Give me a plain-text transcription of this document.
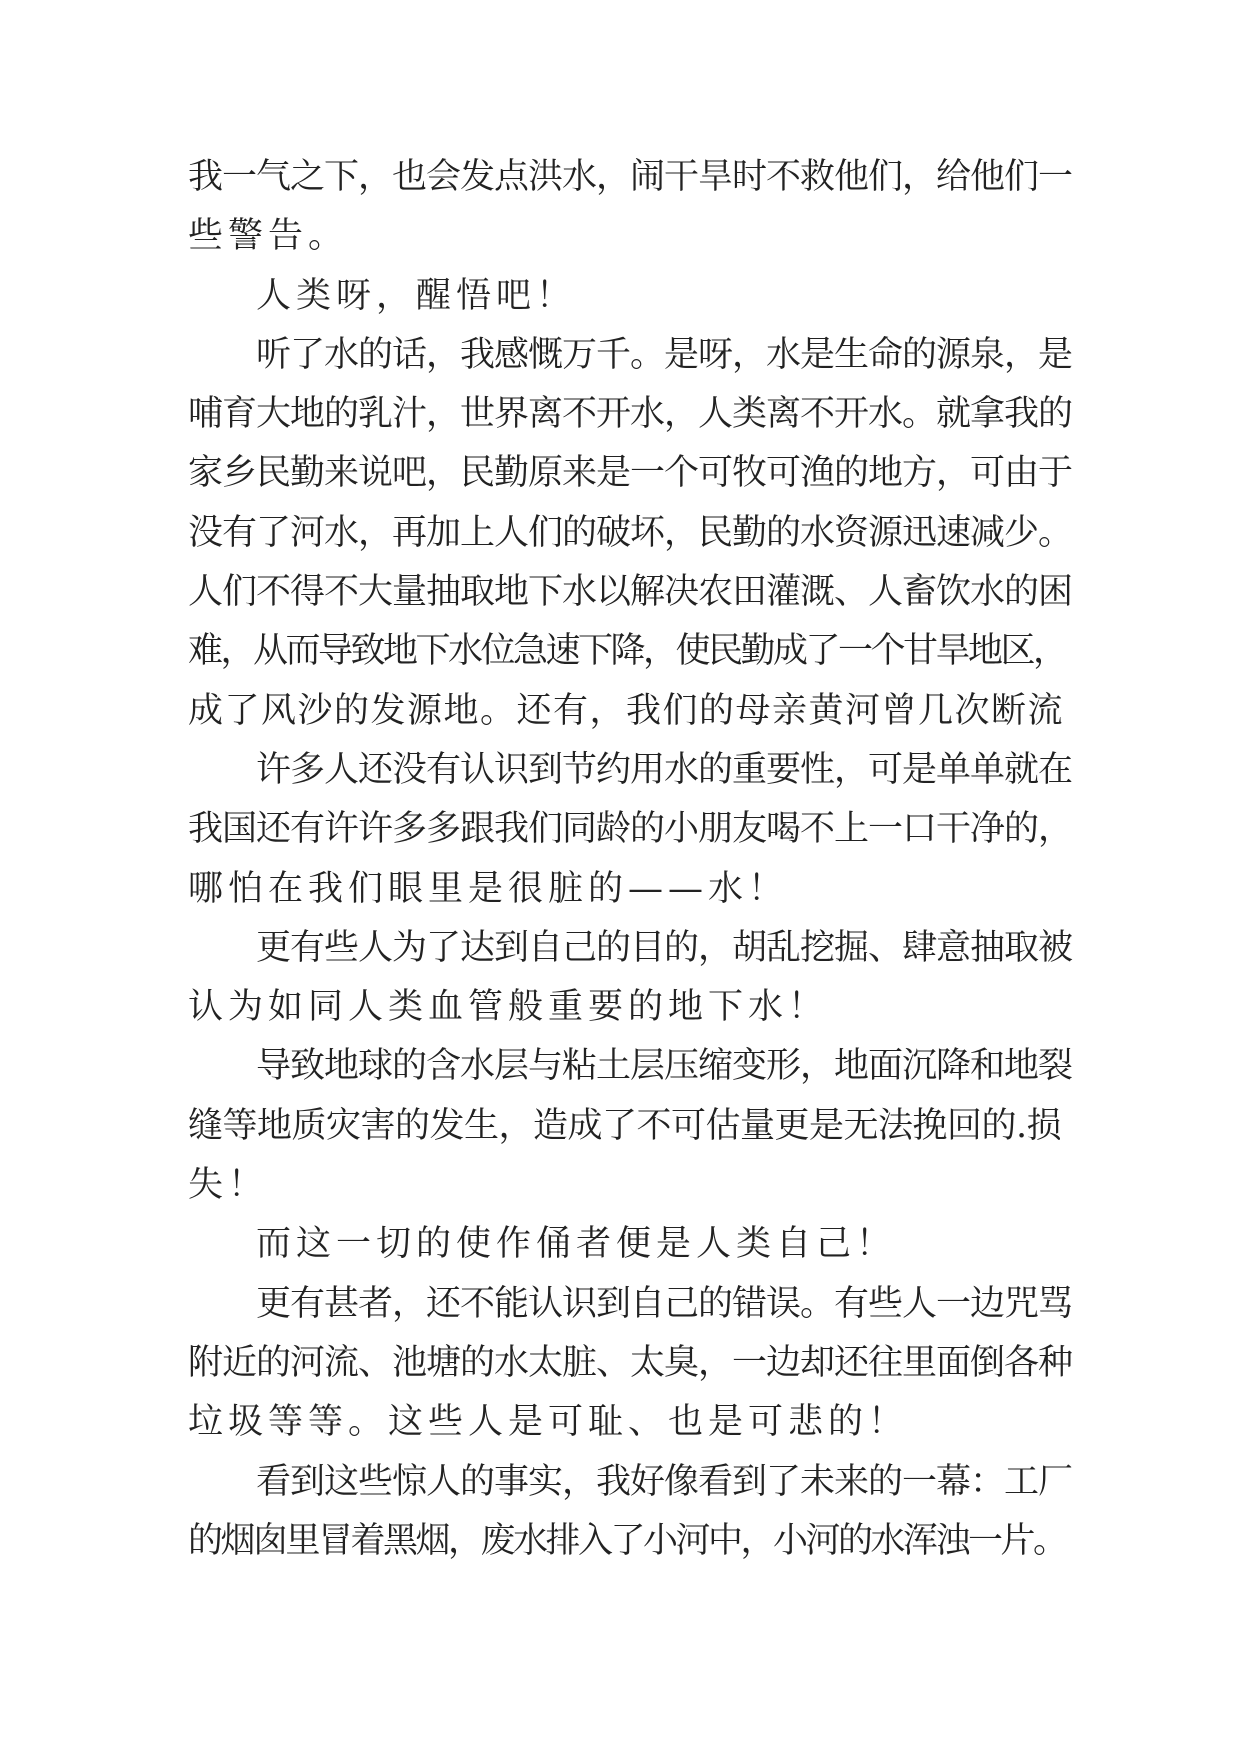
我一气之下，也会发点洪水，闹干旱时不救他们，给他们一
些警告。
人类呀，醒悟吧！
听了水的话，我感慨万千。是呀，水是生命的源泉，是
哺育大地的乳汁，世界离不开水，人类离不开水。就拿我的
家乡民勤来说吧，民勤原来是一个可牧可渔的地方，可由于
没有了河水，再加上人们的破坏，民勤的水资源迅速减少。
人们不得不大量抽取地下水以解决农田灌溉、人畜饮水的困
难，从而导致地下水位急速下降，使民勤成了一个甘旱地区，
成了风沙的发源地。还有，我们的母亲黄河曾几次断流
许多人还没有认识到节约用水的重要性，可是单单就在
我国还有许许多多跟我们同龄的小朋友喝不上一口干净的，
哪怕在我们眼里是很脏的——水！
更有些人为了达到自己的目的，胡乱挖掘、肆意抽取被
认为如同人类血管般重要的地下水！
导致地球的含水层与粘土层压缩变形，地面沉降和地裂
缝等地质灾害的发生，造成了不可估量更是无法挽回的.损
失！
而这一切的使作俑者便是人类自己！
更有甚者，还不能认识到自己的错误。有些人一边咒骂
附近的河流、池塘的水太脏、太臭，一边却还往里面倒各种
垃圾等等。这些人是可耻、也是可悲的！
看到这些惊人的事实，我好像看到了未来的一幕：工厂
的烟囱里冒着黑烟，废水排入了小河中，小河的水浑浊一片。
